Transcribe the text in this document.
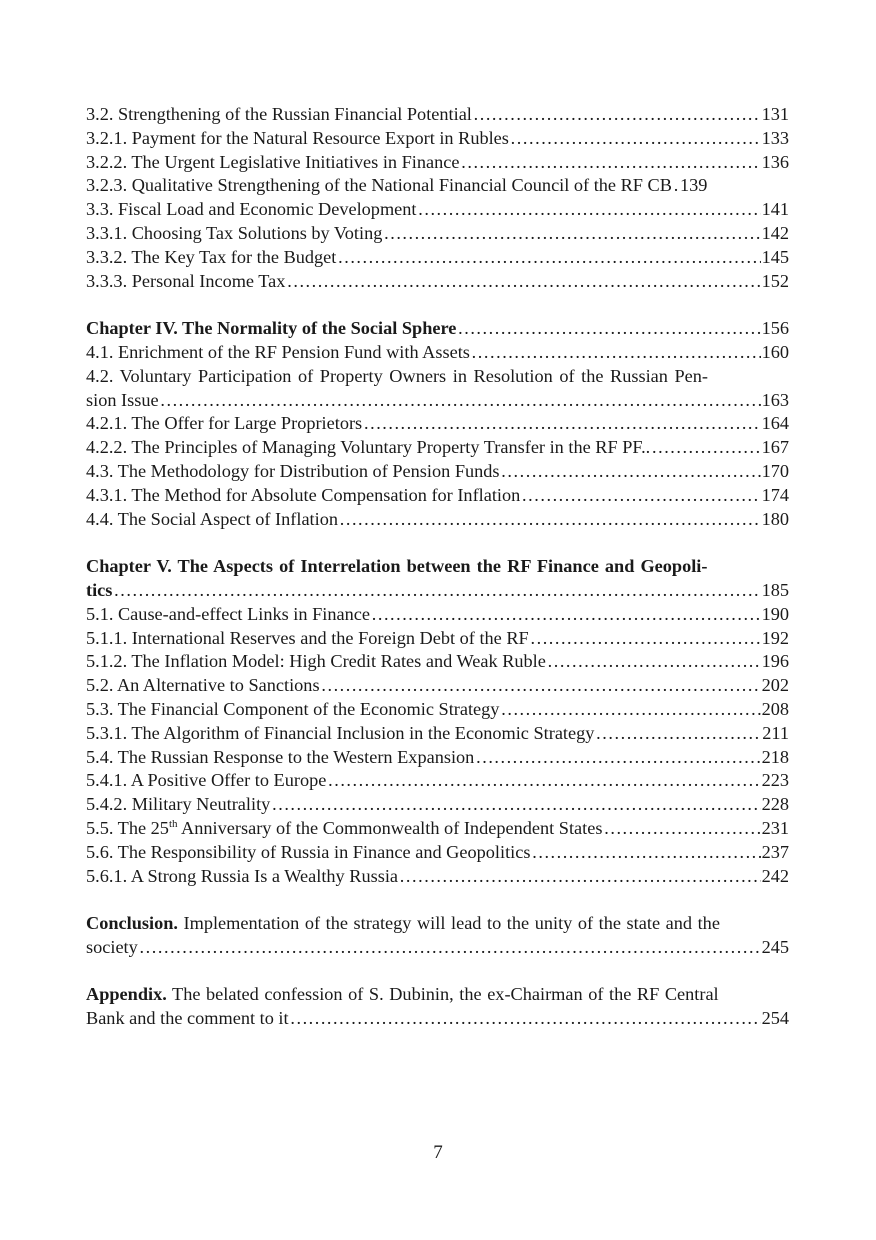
3.2. Strengthening of the Russian Financial Potential ………………………………………………………………………………………………………………………………………………………………	131
3.2.1. Payment for the Natural Resource Export in Rubles ………………………………………………………………………………………………………………………………………………………………	133
3.2.2. The Urgent Legislative Initiatives in Finance ………………………………………………………………………………………………………………………………………………………………	136
3.2.3. Qualitative Strengthening of the National Financial Council of the RF CB ……………………………………………………………………………………………………………………………………………………………… 139
3.3. Fiscal Load and Economic Development ………………………………………………………………………………………………………………………………………………………………	141
3.3.1. Choosing Tax Solutions by Voting ………………………………………………………………………………………………………………………………………………………………	142
3.3.2. The Key Tax for the Budget ………………………………………………………………………………………………………………………………………………………………	145
3.3.3. Personal Income Tax ………………………………………………………………………………………………………………………………………………………………	152
Chapter IV. The Normality of the Social Sphere ………………………………………………………………………………………………………………………………………………………………	156
4.1. Enrichment of the RF Pension Fund with Assets ………………………………………………………………………………………………………………………………………………………………	160
4.2. Voluntary Participation of Property Owners in Resolution of the Russian Pen-
sion Issue ………………………………………………………………………………………………………………………………………………………………	163
4.2.1. The Offer for Large Proprietors ………………………………………………………………………………………………………………………………………………………………	164
4.2.2. The Principles of Managing Voluntary Property Transfer in the RF PF.. ………………………………………………………………………………………………………………………………………………………………	167
4.3. The Methodology for Distribution of Pension Funds ………………………………………………………………………………………………………………………………………………………………	170
4.3.1. The Method for Absolute Compensation for Inflation ………………………………………………………………………………………………………………………………………………………………	174
4.4. The Social Aspect of Inflation ………………………………………………………………………………………………………………………………………………………………	180
Chapter V. The Aspects of Interrelation between the RF Finance and Geopoli-
tics ………………………………………………………………………………………………………………………………………………………………	185
5.1. Cause-and-effect Links in Finance ………………………………………………………………………………………………………………………………………………………………	190
5.1.1. International Reserves and the Foreign Debt of the RF ………………………………………………………………………………………………………………………………………………………………	192
5.1.2. The Inflation Model: High Credit Rates and Weak Ruble ………………………………………………………………………………………………………………………………………………………………	196
5.2. An Alternative to Sanctions ………………………………………………………………………………………………………………………………………………………………	202
5.3. The Financial Component of the Economic Strategy ………………………………………………………………………………………………………………………………………………………………	208
5.3.1. The Algorithm of Financial Inclusion in the Economic Strategy ………………………………………………………………………………………………………………………………………………………………	211
5.4. The Russian Response to the Western Expansion ………………………………………………………………………………………………………………………………………………………………	218
5.4.1. A Positive Offer to Europe ………………………………………………………………………………………………………………………………………………………………	223
5.4.2. Military Neutrality ………………………………………………………………………………………………………………………………………………………………	228
5.5. The 25th Anniversary of the Commonwealth of Independent States ………………………………………………………………………………………………………………………………………………………………	231
5.6. The Responsibility of Russia in Finance and Geopolitics ………………………………………………………………………………………………………………………………………………………………	237
5.6.1. A Strong Russia Is a Wealthy Russia ………………………………………………………………………………………………………………………………………………………………	242
Conclusion. Implementation of the strategy will lead to the unity of the state and the
society ………………………………………………………………………………………………………………………………………………………………	245
Appendix. The belated confession of S. Dubinin, the ex-Chairman of the RF Central
Bank and the comment to it ………………………………………………………………………………………………………………………………………………………………	254
7
